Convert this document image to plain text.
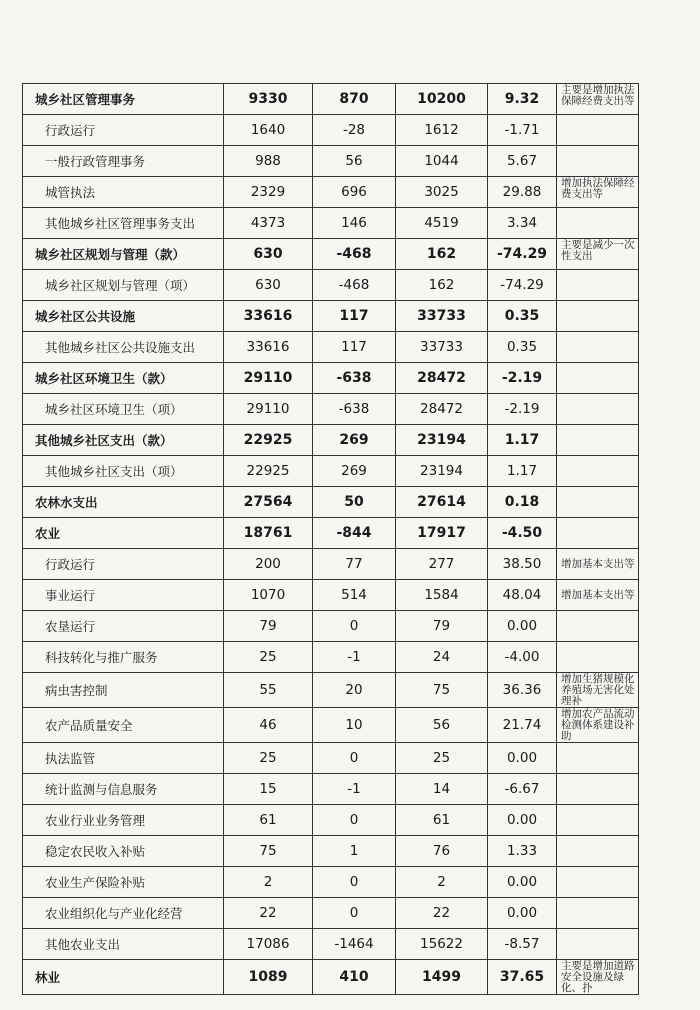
城乡社区管理事务	9330	870	10200	9.32	主要是增加执法保障经费支出等
行政运行	1640	-28	1612	-1.71	
一般行政管理事务	988	56	1044	5.67	
城管执法	2329	696	3025	29.88	增加执法保障经费支出等
其他城乡社区管理事务支出	4373	146	4519	3.34	
城乡社区规划与管理（款）	630	-468	162	-74.29	主要是减少一次性支出
城乡社区规划与管理（项）	630	-468	162	-74.29	
城乡社区公共设施	33616	117	33733	0.35	
其他城乡社区公共设施支出	33616	117	33733	0.35	
城乡社区环境卫生（款）	29110	-638	28472	-2.19	
城乡社区环境卫生（项）	29110	-638	28472	-2.19	
其他城乡社区支出（款）	22925	269	23194	1.17	
其他城乡社区支出（项）	22925	269	23194	1.17	
农林水支出	27564	50	27614	0.18	
农业	18761	-844	17917	-4.50	
行政运行	200	77	277	38.50	增加基本支出等
事业运行	1070	514	1584	48.04	增加基本支出等
农垦运行	79	0	79	0.00	
科技转化与推广服务	25	-1	24	-4.00	
病虫害控制	55	20	75	36.36	增加生猪规模化养殖场无害化处理补
农产品质量安全	46	10	56	21.74	增加农产品流动检测体系建设补助
执法监管	25	0	25	0.00	
统计监测与信息服务	15	-1	14	-6.67	
农业行业业务管理	61	0	61	0.00	
稳定农民收入补贴	75	1	76	1.33	
农业生产保险补贴	2	0	2	0.00	
农业组织化与产业化经营	22	0	22	0.00	
其他农业支出	17086	-1464	15622	-8.57	
林业	1089	410	1499	37.65	主要是增加道路安全设施及绿化、扑
